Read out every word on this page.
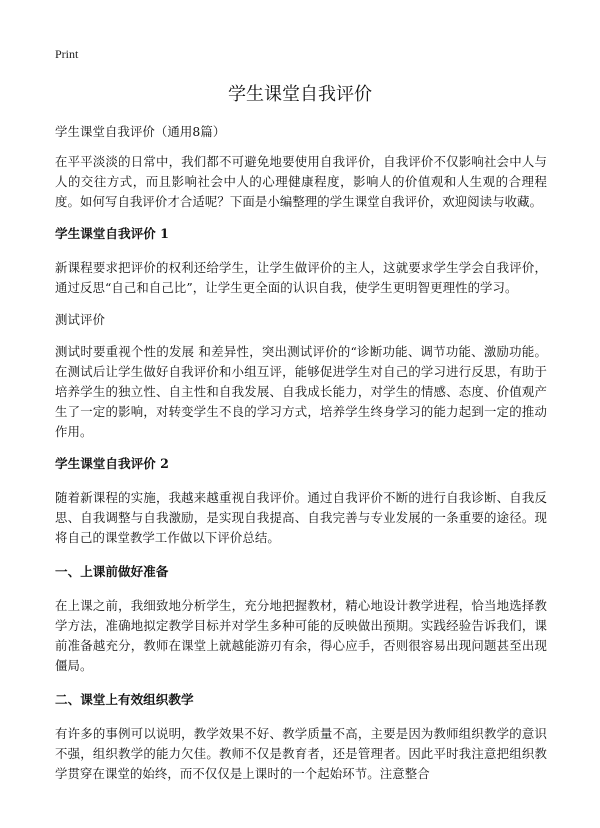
Print
学生课堂自我评价

学生课堂自我评价（通用8篇）

在平平淡淡的日常中，我们都不可避免地要使用自我评价，自我评价不仅影响社会中人与人的交往方式，而且影响社会中人的心理健康程度，影响人的价值观和人生观的合理程度。如何写自我评价才合适呢？下面是小编整理的学生课堂自我评价，欢迎阅读与收藏。

学生课堂自我评价 1

新课程要求把评价的权利还给学生，让学生做评价的主人，这就要求学生学会自我评价，通过反思“自己和自己比”，让学生更全面的认识自我，使学生更明智更理性的学习。

测试评价

测试时要重视个性的发展 和差异性，突出测试评价的“诊断功能、调节功能、激励功能。在测试后让学生做好自我评价和小组互评，能够促进学生对自己的学习进行反思，有助于培养学生的独立性、自主性和自我发展、自我成长能力，对学生的情感、态度、价值观产生了一定的影响，对转变学生不良的学习方式，培养学生终身学习的能力起到一定的推动作用。

学生课堂自我评价 2

随着新课程的实施，我越来越重视自我评价。通过自我评价不断的进行自我诊断、自我反思、自我调整与自我激励，是实现自我提高、自我完善与专业发展的一条重要的途径。现将自己的课堂教学工作做以下评价总结。

一、上课前做好准备

在上课之前，我细致地分析学生，充分地把握教材，精心地设计教学进程，恰当地选择教学方法，准确地拟定教学目标并对学生多种可能的反映做出预期。实践经验告诉我们，课前准备越充分，教师在课堂上就越能游刃有余，得心应手，否则很容易出现问题甚至出现僵局。

二、课堂上有效组织教学

有许多的事例可以说明，教学效果不好、教学质量不高，主要是因为教师组织教学的意识不强，组织教学的能力欠佳。教师不仅是教育者，还是管理者。因此平时我注意把组织教学贯穿在课堂的始终，而不仅仅是上课时的一个起始环节。注意整合
